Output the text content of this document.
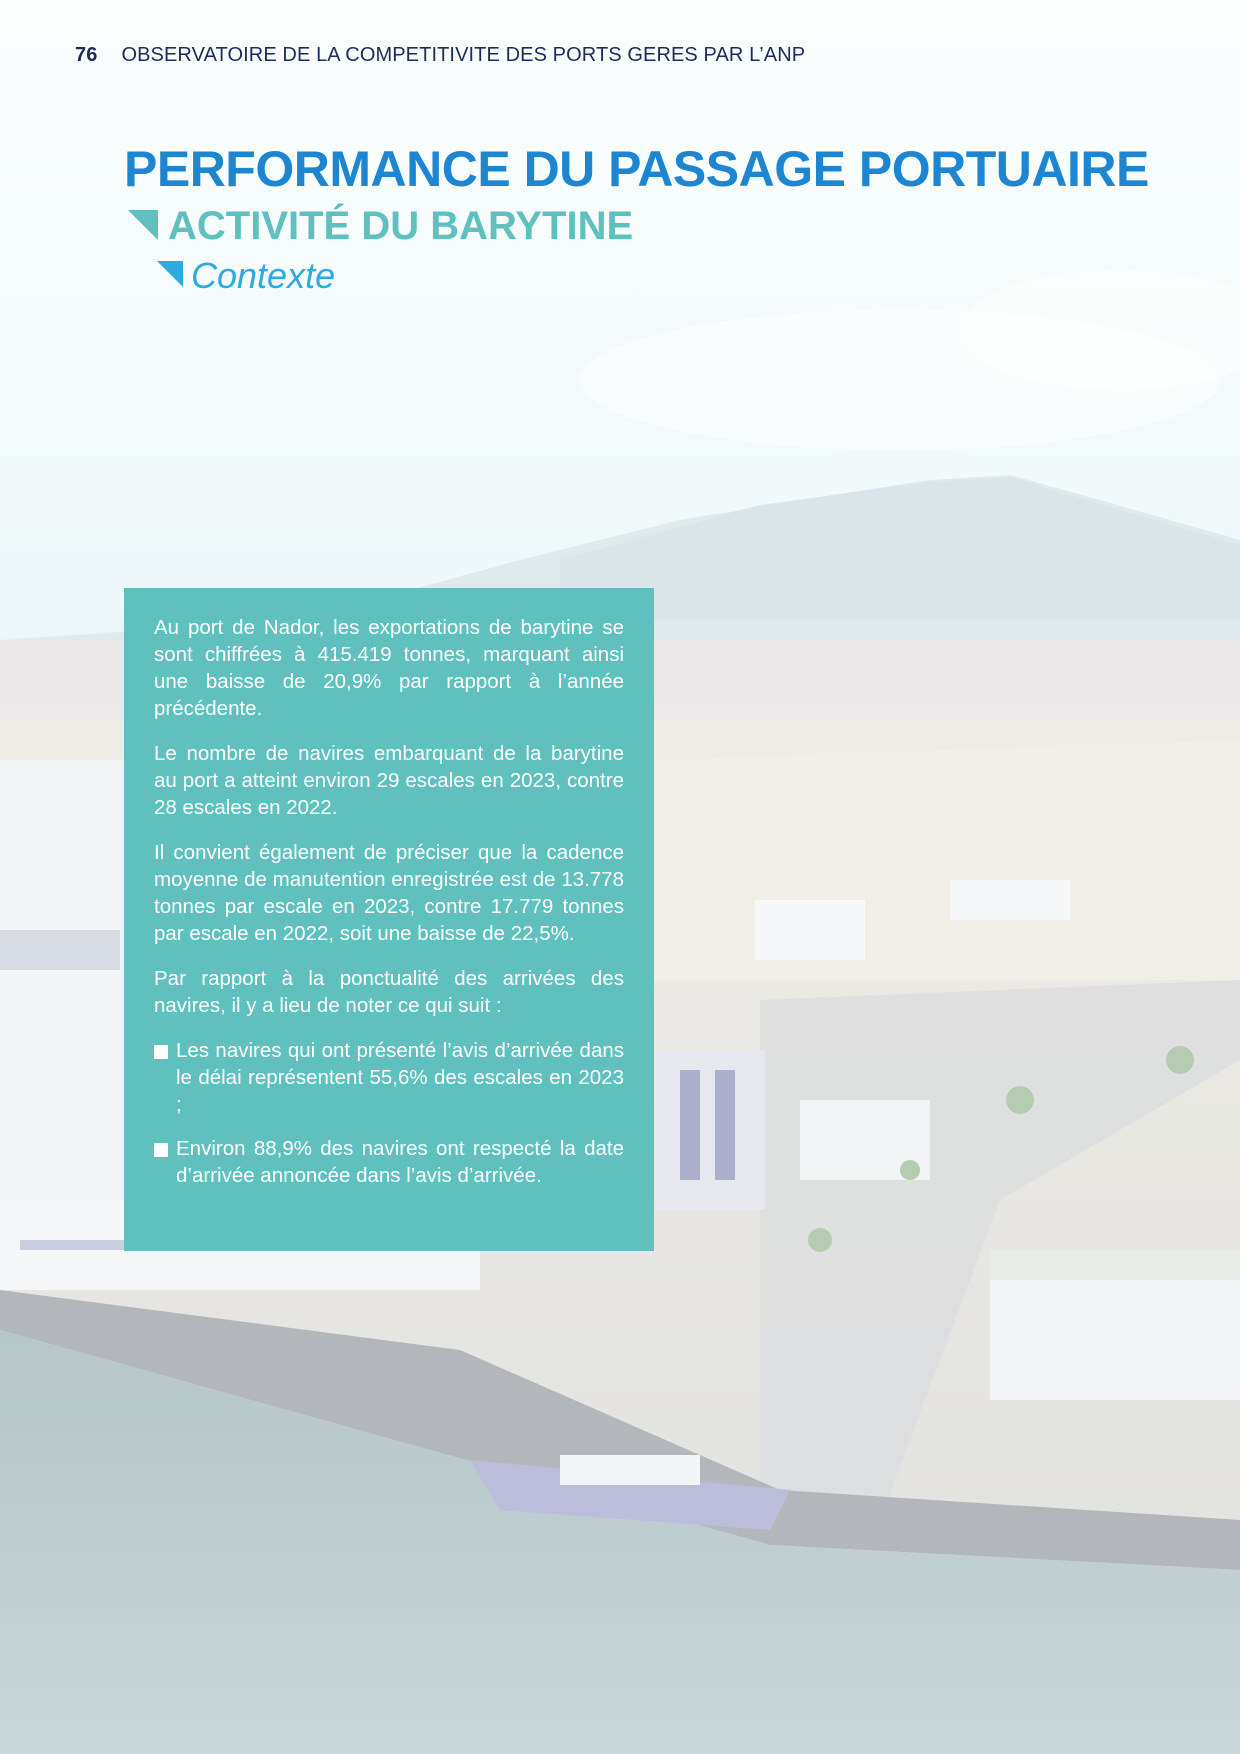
76 OBSERVATOIRE DE LA COMPETITIVITE DES PORTS GERES PAR L’ANP
PERFORMANCE DU PASSAGE PORTUAIRE
ACTIVITÉ DU BARYTINE
Contexte

Au port de Nador, les exportations de barytine se sont chiffrées à 415.419 tonnes, marquant ainsi une baisse de 20,9% par rapport à l’année précédente.

Le nombre de navires embarquant de la barytine au port a atteint environ 29 escales en 2023, contre 28 escales en 2022.

Il convient également de préciser que la cadence moyenne de manutention enregistrée est de 13.778 tonnes par escale en 2023, contre 17.779 tonnes par escale en 2022, soit une baisse de 22,5%.

Par rapport à la ponctualité des arrivées des navires, il y a lieu de noter ce qui suit :

Les navires qui ont présenté l’avis d’arrivée dans le délai représentent 55,6% des escales en 2023 ;
Environ 88,9% des navires ont respecté la date d’arrivée annoncée dans l’avis d’arrivée.
